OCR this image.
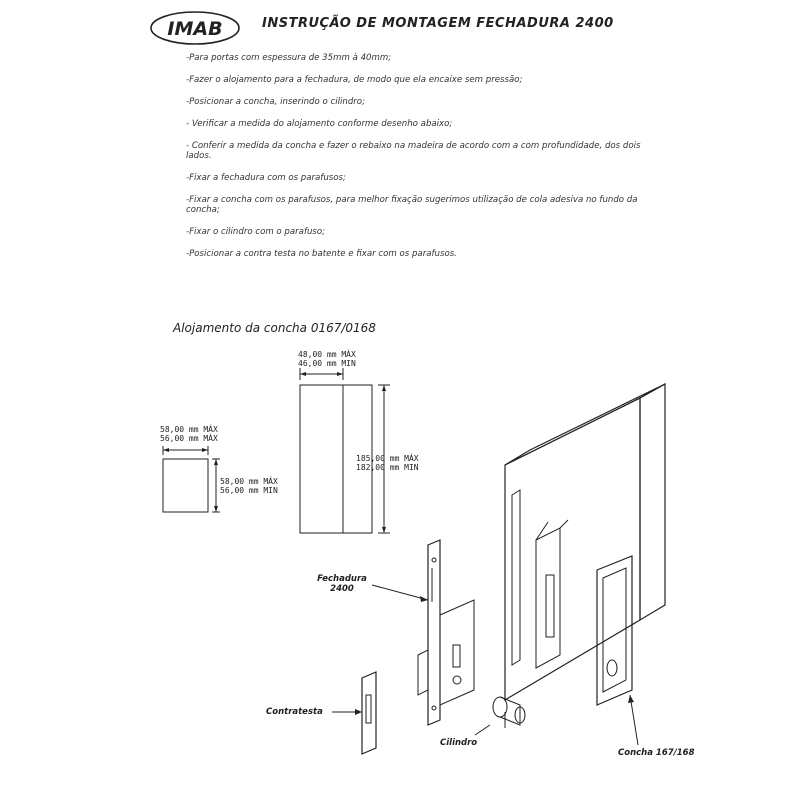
IMAB	INSTRUÇÃO DE MONTAGEM FECHADURA 2400
-Para portas com espessura de 35mm à 40mm;
-Fazer o alojamento para a fechadura, de modo que ela encaixe sem pressão;
-Posicionar a concha, inserindo o cilindro;
- Verificar a medida do alojamento conforme desenho abaixo;
- Conferir a medida da concha e fazer o rebaixo na madeira de acordo com a com profundidade, dos dois lados.
-Fixar a fechadura com os parafusos;
-Fixar a concha com os parafusos, para melhor fixação sugerimos utilização de cola adesiva no fundo da concha;
-Fixar o cilindro com o parafuso;
-Posicionar a contra testa no batente e fixar com os parafusos.
Alojamento da concha 0167/0168
48,00 mm MÁX
46,00 mm MIN
185,00 mm MÁX
182,00 mm MIN
58,00 mm MÁX
56,00 mm MÁX
58,00 mm MÁX
56,00 mm MIN
Fechadura 2400
Contratesta
Cilindro
Concha 167/168
